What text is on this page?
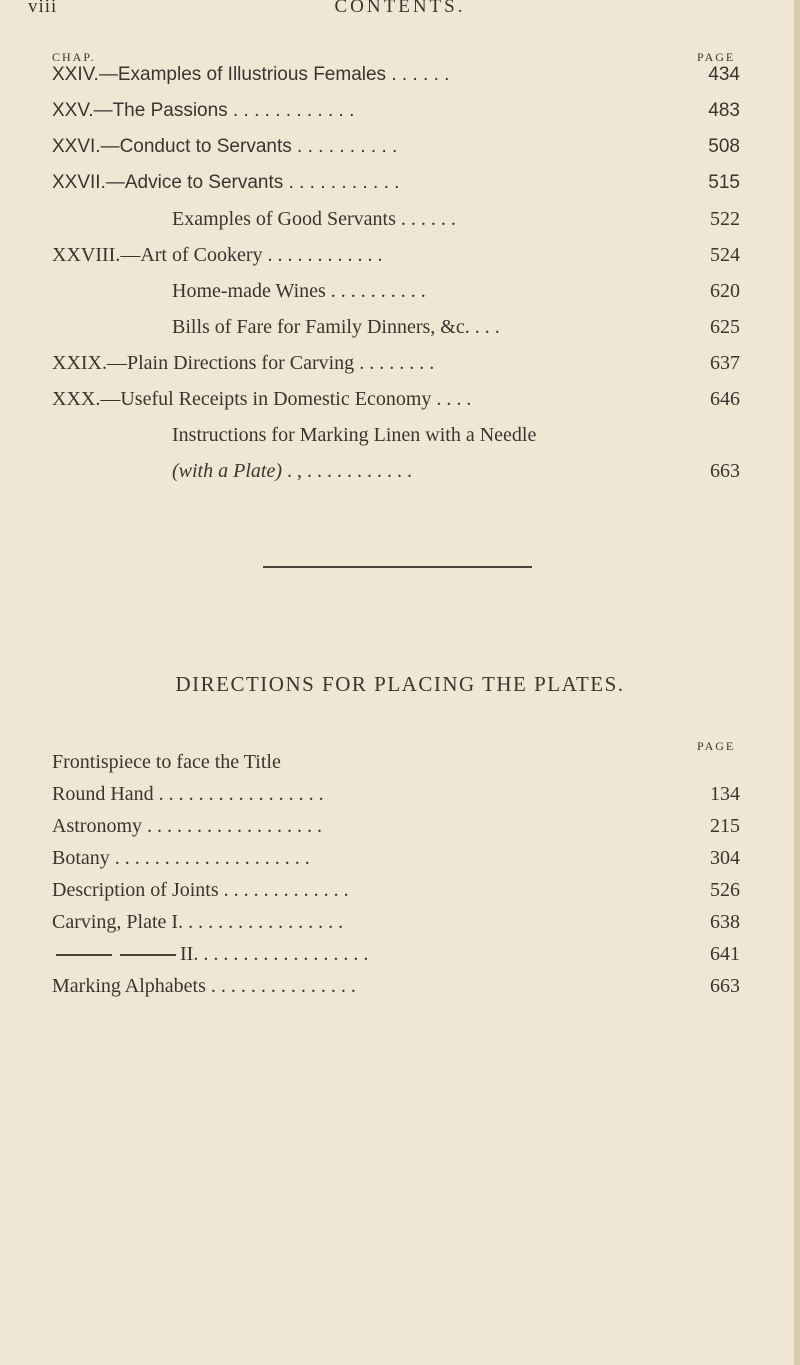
viii	CONTENTS.
CHAP.	PAGE
XXIV.—Examples of Illustrious Females . . . . . .	434
XXV.—The Passions . . . . . . . . . . . .	483
XXVI.—Conduct to Servants . . . . . . . . . .	508
XXVII.—Advice to Servants . . . . . . . . . . .	515
Examples of Good Servants . . . . . .	522
XXVIII.—Art of Cookery . . . . . . . . . . . .	524
Home-made Wines . . . . . . . . . .	620
Bills of Fare for Family Dinners, &c. . . .	625
XXIX.—Plain Directions for Carving . . . . . . . .	637
XXX.—Useful Receipts in Domestic Economy . . . .	646
Instructions for Marking Linen with a Needle
(with a Plate) . , . . . . . . . . . . .	663
DIRECTIONS FOR PLACING THE PLATES.
PAGE
Frontispiece to face the Title
Round Hand . . . . . . . . . . . . . . . . .	134
Astronomy . . . . . . . . . . . . . . . . . .	215
Botany . . . . . . . . . . . . . . . . . . . .	304
Description of Joints . . . . . . . . . . . . .	526
Carving, Plate I. . . . . . . . . . . . . . . . .	638
II. . . . . . . . . . . . . . . . . .	641
Marking Alphabets . . . . . . . . . . . . . . .	663
